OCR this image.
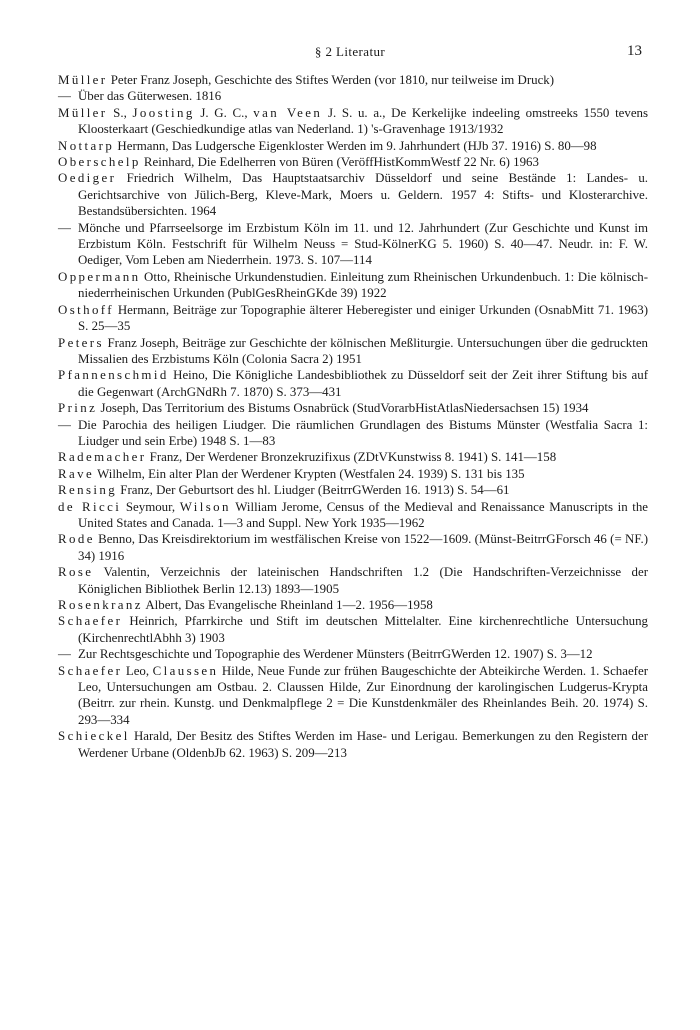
§ 2 Literatur	13
Müller Peter Franz Joseph, Geschichte des Stiftes Werden (vor 1810, nur teilweise im Druck)
— Über das Güterwesen. 1816
Müller S., Joosting J. G. C., van Veen J. S. u. a., De Kerkelijke indeeling omstreeks 1550 tevens Kloosterkaart (Geschiedkundige atlas van Nederland. 1) 's-Gravenhage 1913/1932
Nottarp Hermann, Das Ludgersche Eigenkloster Werden im 9. Jahrhundert (HJb 37. 1916) S. 80—98
Oberschelp Reinhard, Die Edelherren von Büren (VeröffHistKommWestf 22 Nr. 6) 1963
Oediger Friedrich Wilhelm, Das Hauptstaatsarchiv Düsseldorf und seine Bestände 1: Landes- u. Gerichtsarchive von Jülich-Berg, Kleve-Mark, Moers u. Geldern. 1957 4: Stifts- und Klosterarchive. Bestandsübersichten. 1964
— Mönche und Pfarrseelsorge im Erzbistum Köln im 11. und 12. Jahrhundert (Zur Geschichte und Kunst im Erzbistum Köln. Festschrift für Wilhelm Neuss = Stud-KölnerKG 5. 1960) S. 40—47. Neudr. in: F. W. Oediger, Vom Leben am Niederrhein. 1973. S. 107—114
Oppermann Otto, Rheinische Urkundenstudien. Einleitung zum Rheinischen Urkundenbuch. 1: Die kölnisch-niederrheinischen Urkunden (PublGesRheinGKde 39) 1922
Osthoff Hermann, Beiträge zur Topographie älterer Heberegister und einiger Urkunden (OsnabMitt 71. 1963) S. 25—35
Peters Franz Joseph, Beiträge zur Geschichte der kölnischen Meßliturgie. Untersuchungen über die gedruckten Missalien des Erzbistums Köln (Colonia Sacra 2) 1951
Pfannenschmid Heino, Die Königliche Landesbibliothek zu Düsseldorf seit der Zeit ihrer Stiftung bis auf die Gegenwart (ArchGNdRh 7. 1870) S. 373—431
Prinz Joseph, Das Territorium des Bistums Osnabrück (StudVorarbHistAtlasNiedersachsen 15) 1934
— Die Parochia des heiligen Liudger. Die räumlichen Grundlagen des Bistums Münster (Westfalia Sacra 1: Liudger und sein Erbe) 1948 S. 1—83
Rademacher Franz, Der Werdener Bronzekruzifixus (ZDtVKunstwiss 8. 1941) S. 141—158
Rave Wilhelm, Ein alter Plan der Werdener Krypten (Westfalen 24. 1939) S. 131 bis 135
Rensing Franz, Der Geburtsort des hl. Liudger (BeitrrGWerden 16. 1913) S. 54—61
de Ricci Seymour, Wilson William Jerome, Census of the Medieval and Renaissance Manuscripts in the United States and Canada. 1—3 and Suppl. New York 1935—1962
Rode Benno, Das Kreisdirektorium im westfälischen Kreise von 1522—1609. (Münst-BeitrrGForsch 46 (= NF.) 34) 1916
Rose Valentin, Verzeichnis der lateinischen Handschriften 1.2 (Die Handschriften-Verzeichnisse der Königlichen Bibliothek Berlin 12.13) 1893—1905
Rosenkranz Albert, Das Evangelische Rheinland 1—2. 1956—1958
Schaefer Heinrich, Pfarrkirche und Stift im deutschen Mittelalter. Eine kirchenrechtliche Untersuchung (KirchenrechtlAbhh 3) 1903
— Zur Rechtsgeschichte und Topographie des Werdener Münsters (BeitrrGWerden 12. 1907) S. 3—12
Schaefer Leo, Claussen Hilde, Neue Funde zur frühen Baugeschichte der Abteikirche Werden. 1. Schaefer Leo, Untersuchungen am Ostbau. 2. Claussen Hilde, Zur Einordnung der karolingischen Ludgerus-Krypta (Beitrr. zur rhein. Kunstg. und Denkmalpflege 2 = Die Kunstdenkmäler des Rheinlandes Beih. 20. 1974) S. 293—334
Schieckel Harald, Der Besitz des Stiftes Werden im Hase- und Lerigau. Bemerkungen zu den Registern der Werdener Urbane (OldenbJb 62. 1963) S. 209—213
